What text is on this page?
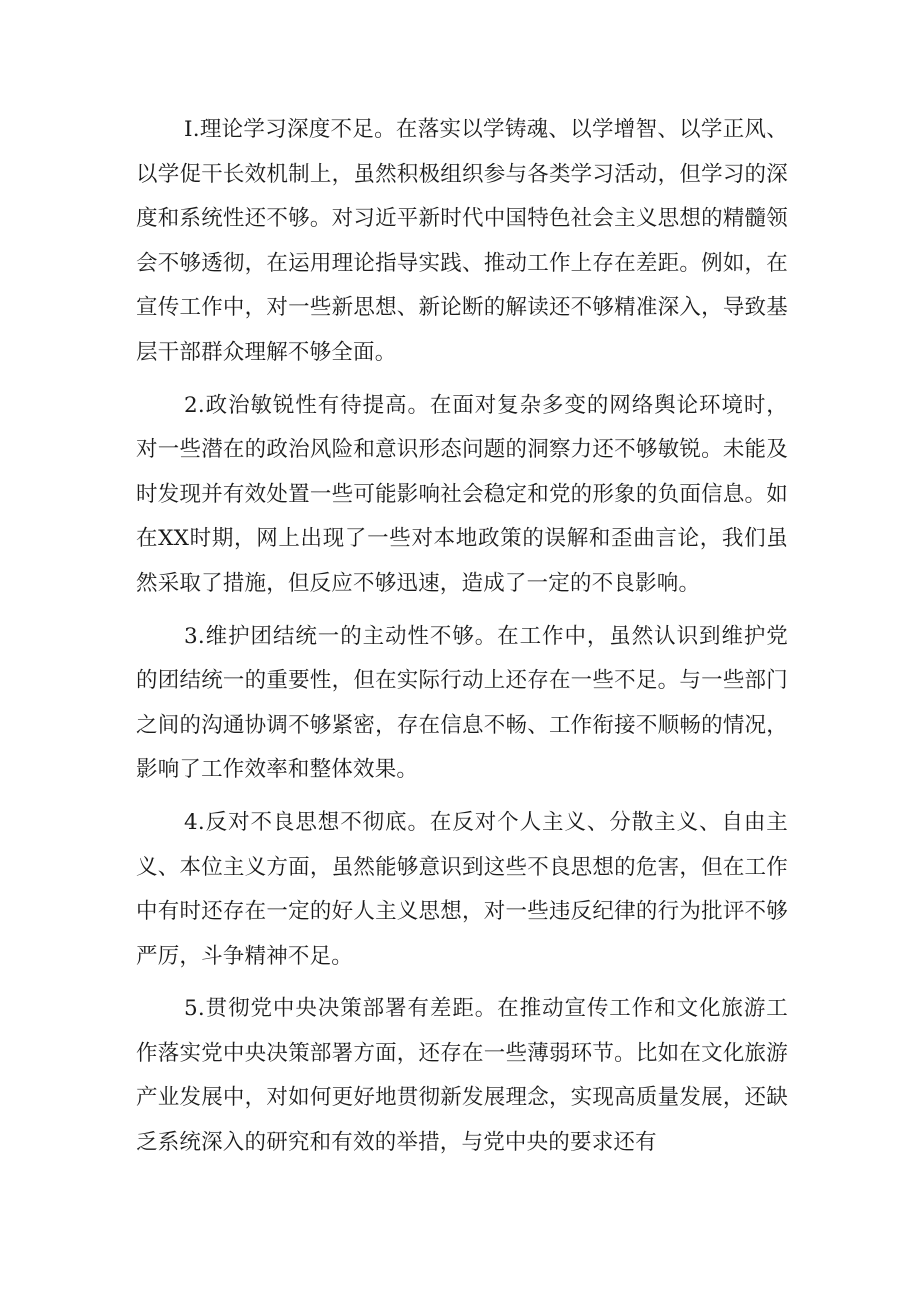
I.理论学习深度不足。在落实以学铸魂、以学增智、以学正风、以学促干长效机制上，虽然积极组织参与各类学习活动，但学习的深度和系统性还不够。对习近平新时代中国特色社会主义思想的精髓领会不够透彻，在运用理论指导实践、推动工作上存在差距。例如，在宣传工作中，对一些新思想、新论断的解读还不够精准深入，导致基层干部群众理解不够全面。

2.政治敏锐性有待提高。在面对复杂多变的网络舆论环境时，对一些潜在的政治风险和意识形态问题的洞察力还不够敏锐。未能及时发现并有效处置一些可能影响社会稳定和党的形象的负面信息。如在XX时期，网上出现了一些对本地政策的误解和歪曲言论，我们虽然采取了措施，但反应不够迅速，造成了一定的不良影响。

3.维护团结统一的主动性不够。在工作中，虽然认识到维护党的团结统一的重要性，但在实际行动上还存在一些不足。与一些部门之间的沟通协调不够紧密，存在信息不畅、工作衔接不顺畅的情况，影响了工作效率和整体效果。

4.反对不良思想不彻底。在反对个人主义、分散主义、自由主义、本位主义方面，虽然能够意识到这些不良思想的危害，但在工作中有时还存在一定的好人主义思想，对一些违反纪律的行为批评不够严厉，斗争精神不足。

5.贯彻党中央决策部署有差距。在推动宣传工作和文化旅游工作落实党中央决策部署方面，还存在一些薄弱环节。比如在文化旅游产业发展中，对如何更好地贯彻新发展理念，实现高质量发展，还缺乏系统深入的研究和有效的举措，与党中央的要求还有
